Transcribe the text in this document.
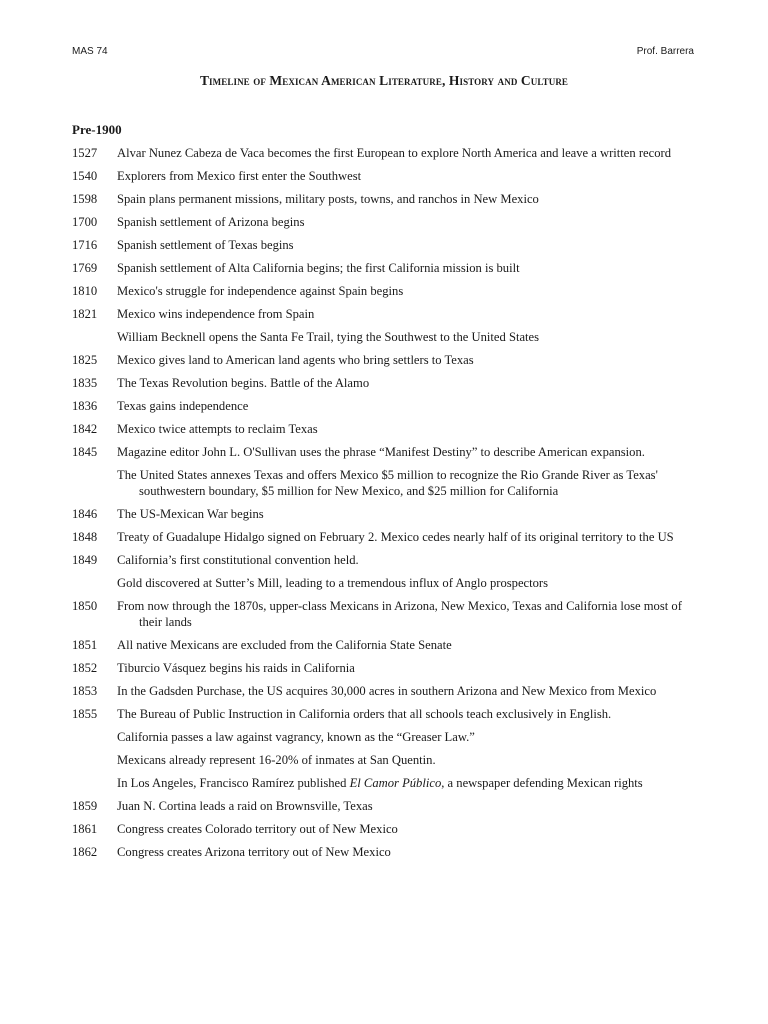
MAS 74	Prof. Barrera
Timeline of Mexican American Literature, History and Culture
Pre-1900
1527	Alvar Nunez Cabeza de Vaca becomes the first European to explore North America and leave a written record
1540	Explorers from Mexico first enter the Southwest
1598	Spain plans permanent missions, military posts, towns, and ranchos in New Mexico
1700	Spanish settlement of Arizona begins
1716	Spanish settlement of Texas begins
1769	Spanish settlement of Alta California begins; the first California mission is built
1810	Mexico's struggle for independence against Spain begins
1821	Mexico wins independence from Spain
William Becknell opens the Santa Fe Trail, tying the Southwest to the United States
1825	Mexico gives land to American land agents who bring settlers to Texas
1835	The Texas Revolution begins. Battle of the Alamo
1836	Texas gains independence
1842	Mexico twice attempts to reclaim Texas
1845	Magazine editor John L. O'Sullivan uses the phrase “Manifest Destiny” to describe American expansion.
The United States annexes Texas and offers Mexico $5 million to recognize the Rio Grande River as Texas' southwestern boundary, $5 million for New Mexico, and $25 million for California
1846	The US-Mexican War begins
1848	Treaty of Guadalupe Hidalgo signed on February 2. Mexico cedes nearly half of its original territory to the US
1849	California’s first constitutional convention held.
Gold discovered at Sutter’s Mill, leading to a tremendous influx of Anglo prospectors
1850	From now through the 1870s, upper-class Mexicans in Arizona, New Mexico, Texas and California lose most of their lands
1851	All native Mexicans are excluded from the California State Senate
1852	Tiburcio Vásquez begins his raids in California
1853	In the Gadsden Purchase, the US acquires 30,000 acres in southern Arizona and New Mexico from Mexico
1855	The Bureau of Public Instruction in California orders that all schools teach exclusively in English.
California passes a law against vagrancy, known as the “Greaser Law.”
Mexicans already represent 16-20% of inmates at San Quentin.
In Los Angeles, Francisco Ramírez published El Camor Público, a newspaper defending Mexican rights
1859	Juan N. Cortina leads a raid on Brownsville, Texas
1861	Congress creates Colorado territory out of New Mexico
1862	Congress creates Arizona territory out of New Mexico
